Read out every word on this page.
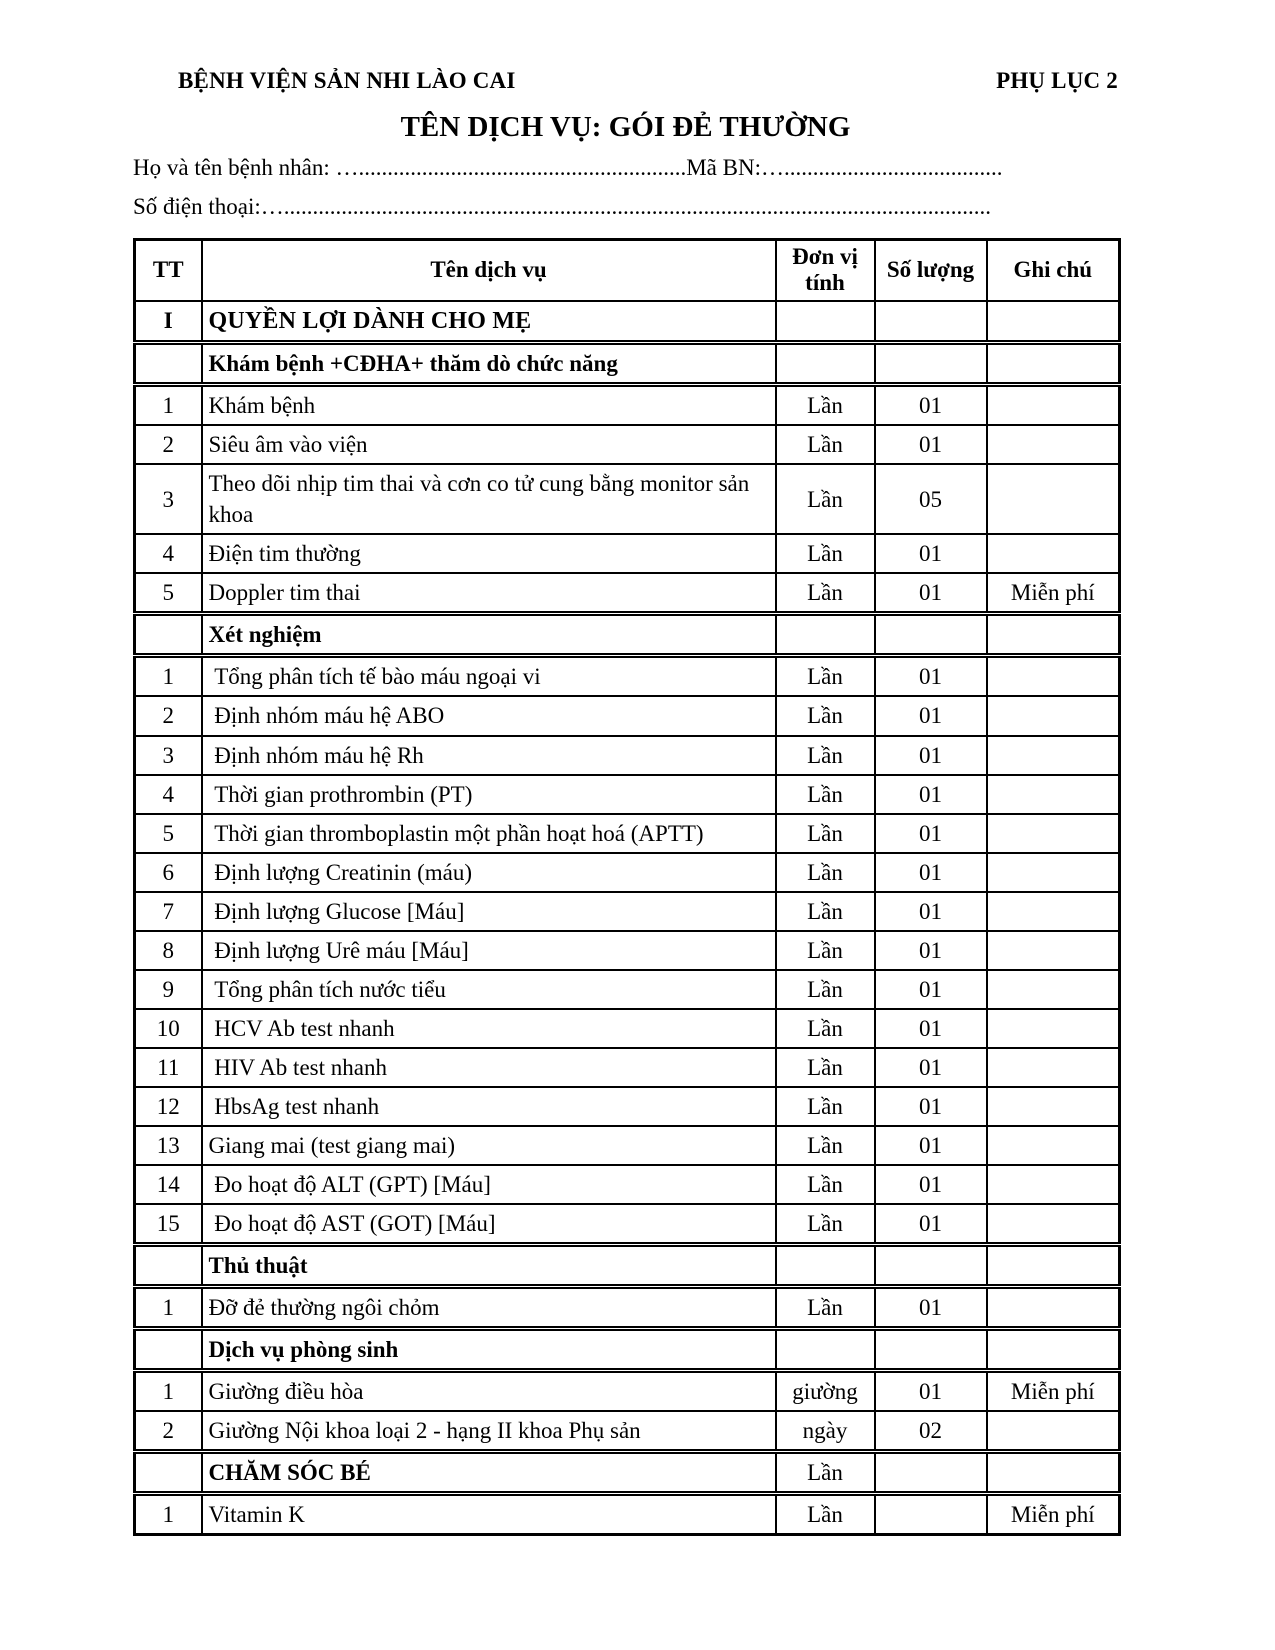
BỆNH VIỆN SẢN NHI LÀO CAI	PHỤ LỤC 2
TÊN DỊCH VỤ: GÓI ĐẺ THƯỜNG
Họ và tên bệnh nhân: ….........................................................Mã BN:…......................................
Số điện thoại:…...........................................................................................................................
TT	Tên dịch vụ	Đơn vị tính	Số lượng	Ghi chú
I	QUYỀN LỢI DÀNH CHO MẸ			
	Khám bệnh +CĐHA+ thăm dò chức năng			
1	Khám bệnh	Lần	01	
2	Siêu âm vào viện	Lần	01	
3	Theo dõi nhịp tim thai và cơn co tử cung bằng monitor sản khoa	Lần	05	
4	Điện tim thường	Lần	01	
5	Doppler tim thai	Lần	01	Miễn phí
	Xét nghiệm			
1	Tổng phân tích tế bào máu ngoại vi	Lần	01	
2	Định nhóm máu hệ ABO	Lần	01	
3	Định nhóm máu hệ Rh	Lần	01	
4	Thời gian prothrombin (PT)	Lần	01	
5	Thời gian thromboplastin một phần hoạt hoá (APTT)	Lần	01	
6	Định lượng Creatinin (máu)	Lần	01	
7	Định lượng Glucose [Máu]	Lần	01	
8	Định lượng Urê máu [Máu]	Lần	01	
9	Tổng phân tích nước tiểu	Lần	01	
10	HCV Ab test nhanh	Lần	01	
11	HIV Ab test nhanh	Lần	01	
12	HbsAg test nhanh	Lần	01	
13	Giang mai (test giang mai)	Lần	01	
14	Đo hoạt độ ALT (GPT) [Máu]	Lần	01	
15	Đo hoạt độ AST (GOT) [Máu]	Lần	01	
	Thủ thuật			
1	Đỡ đẻ thường ngôi chỏm	Lần	01	
	Dịch vụ phòng sinh			
1	Giường điều hòa	giường	01	Miễn phí
2	Giường Nội khoa loại 2 - hạng II khoa Phụ sản	ngày	02	
	CHĂM SÓC BÉ	Lần		
1	Vitamin K	Lần		Miễn phí
